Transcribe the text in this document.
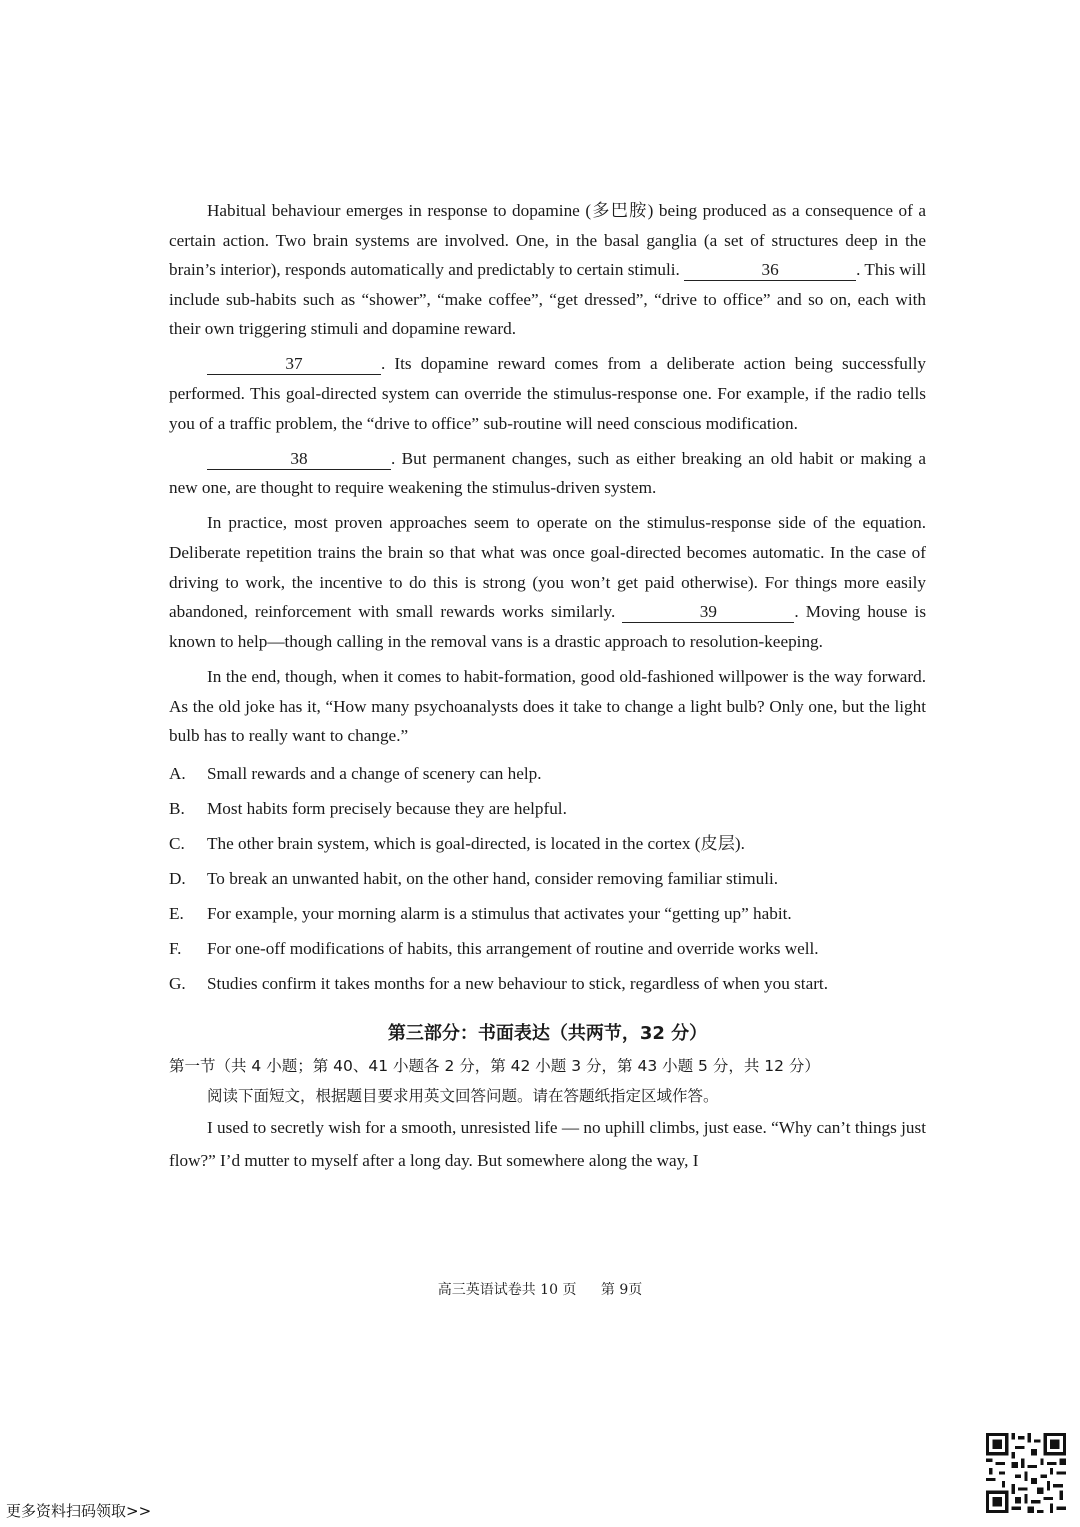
Habitual behaviour emerges in response to dopamine (多巴胺) being produced as a consequence of a certain action. Two brain systems are involved. One, in the basal ganglia (a set of structures deep in the brain’s interior), responds automatically and predictably to certain stimuli.	36	. This will include sub-habits such as “shower”, “make coffee”, “get dressed”, “drive to office” and so on, each with their own triggering stimuli and dopamine reward.

37	. Its dopamine reward comes from a deliberate action being successfully performed. This goal-directed system can override the stimulus-response one. For example, if the radio tells you of a traffic problem, the “drive to office” sub-routine will need conscious modification.

38	. But permanent changes, such as either breaking an old habit or making a new one, are thought to require weakening the stimulus-driven system.

In practice, most proven approaches seem to operate on the stimulus-response side of the equation. Deliberate repetition trains the brain so that what was once goal-directed becomes automatic. In the case of driving to work, the incentive to do this is strong (you won’t get paid otherwise). For things more easily abandoned, reinforcement with small rewards works similarly.	39	. Moving house is known to help—though calling in the removal vans is a drastic approach to resolution-keeping.

In the end, though, when it comes to habit-formation, good old-fashioned willpower is the way forward. As the old joke has it, “How many psychoanalysts does it take to change a light bulb? Only one, but the light bulb has to really want to change.”

A.	Small rewards and a change of scenery can help.
B.	Most habits form precisely because they are helpful.
C.	The other brain system, which is goal-directed, is located in the cortex (皮层).
D.	To break an unwanted habit, on the other hand, consider removing familiar stimuli.
E.	For example, your morning alarm is a stimulus that activates your “getting up” habit.
F.	For one-off modifications of habits, this arrangement of routine and override works well.
G.	Studies confirm it takes months for a new behaviour to stick, regardless of when you start.
第三部分：书面表达（共两节，32 分）
第一节（共 4 小题；第 40、41 小题各 2 分，第 42 小题 3 分，第 43 小题 5 分，共 12 分）
阅读下面短文，根据题目要求用英文回答问题。请在答题纸指定区域作答。

I used to secretly wish for a smooth, unresisted life — no uphill climbs, just ease. “Why can’t things just flow?” I’d mutter to myself after a long day. But somewhere along the way, I

高三英语试卷共 10 页 第 9页
更多资料扫码领取>>
